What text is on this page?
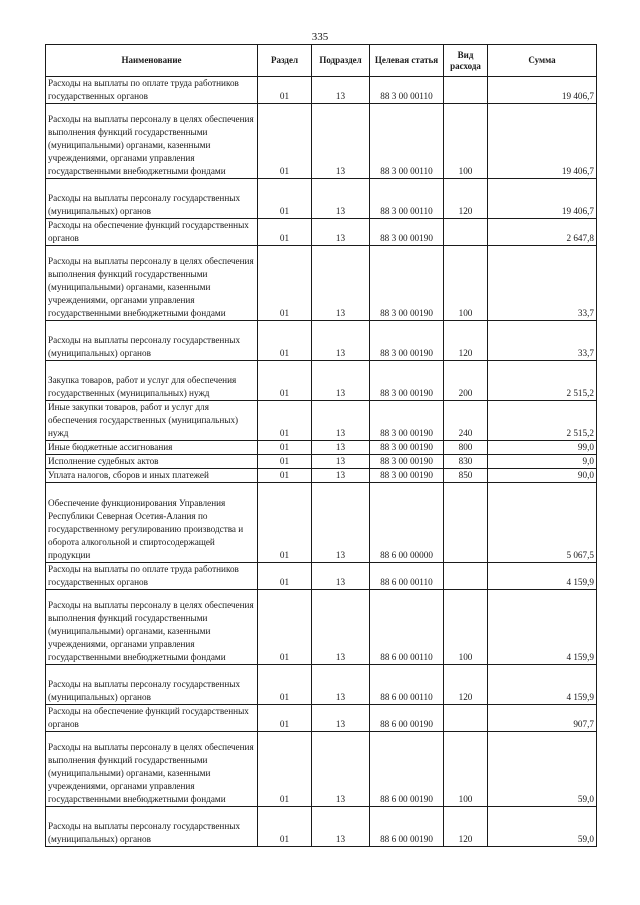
335
Наименование	Раздел	Подраздел	Целевая статья	Вид расхода	Сумма
Расходы на выплаты по оплате труда работников государственных органов	01	13	88 3 00 00110		19 406,7
Расходы на выплаты персоналу в целях обеспечения выполнения функций государственными (муниципальными) органами, казенными учреждениями, органами управления государственными внебюджетными фондами	01	13	88 3 00 00110	100	19 406,7
Расходы на выплаты персоналу государственных (муниципальных) органов	01	13	88 3 00 00110	120	19 406,7
Расходы на обеспечение функций государственных органов	01	13	88 3 00 00190		2 647,8
Расходы на выплаты персоналу в целях обеспечения выполнения функций государственными (муниципальными) органами, казенными учреждениями, органами управления государственными внебюджетными фондами	01	13	88 3 00 00190	100	33,7
Расходы на выплаты персоналу государственных (муниципальных) органов	01	13	88 3 00 00190	120	33,7
Закупка товаров, работ и услуг для обеспечения государственных (муниципальных) нужд	01	13	88 3 00 00190	200	2 515,2
Иные закупки товаров, работ и услуг для обеспечения государственных (муниципальных) нужд	01	13	88 3 00 00190	240	2 515,2
Иные бюджетные ассигнования	01	13	88 3 00 00190	800	99,0
Исполнение судебных актов	01	13	88 3 00 00190	830	9,0
Уплата налогов, сборов и иных платежей	01	13	88 3 00 00190	850	90,0
Обеспечение функционирования Управления Республики Северная Осетия-Алания по государственному регулированию производства и оборота алкогольной и спиртосодержащей продукции	01	13	88 6 00 00000		5 067,5
Расходы на выплаты по оплате труда работников государственных органов	01	13	88 6 00 00110		4 159,9
Расходы на выплаты персоналу в целях обеспечения выполнения функций государственными (муниципальными) органами, казенными учреждениями, органами управления государственными внебюджетными фондами	01	13	88 6 00 00110	100	4 159,9
Расходы на выплаты персоналу государственных (муниципальных) органов	01	13	88 6 00 00110	120	4 159,9
Расходы на обеспечение функций государственных органов	01	13	88 6 00 00190		907,7
Расходы на выплаты персоналу в целях обеспечения выполнения функций государственными (муниципальными) органами, казенными учреждениями, органами управления государственными внебюджетными фондами	01	13	88 6 00 00190	100	59,0
Расходы на выплаты персоналу государственных (муниципальных) органов	01	13	88 6 00 00190	120	59,0
